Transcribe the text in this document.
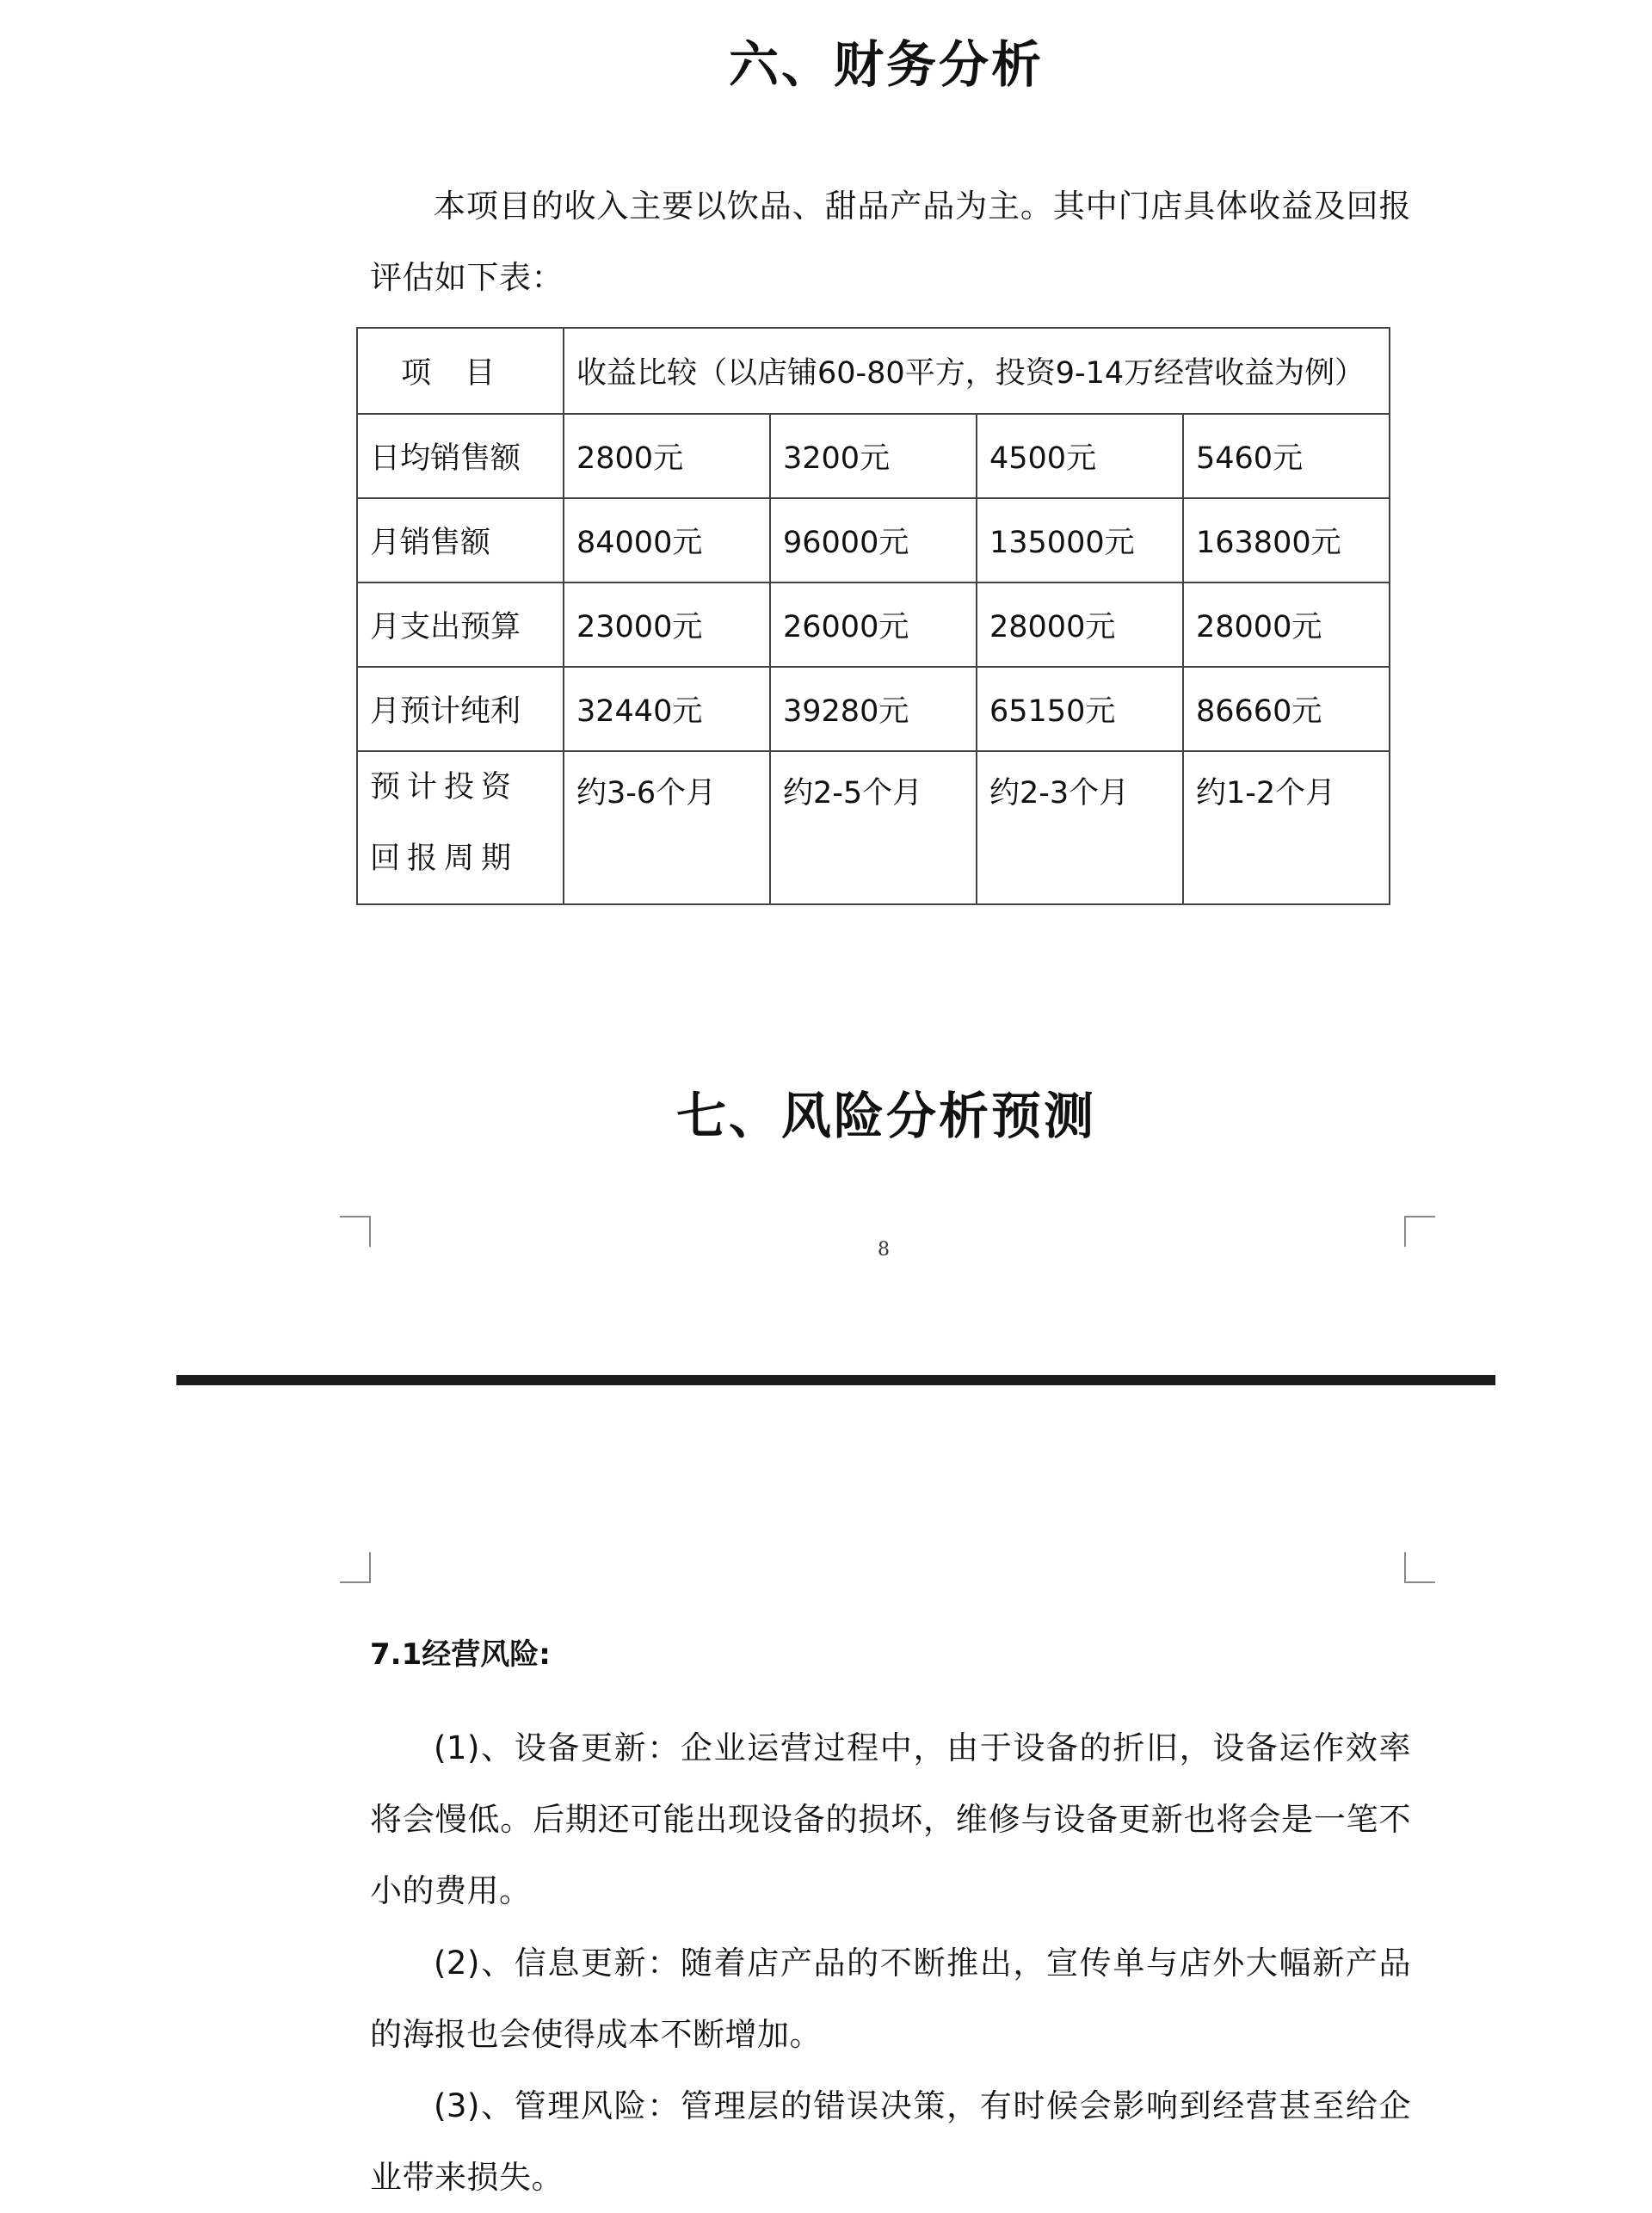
六、财务分析

本项目的收入主要以饮品、甜品产品为主。其中门店具体收益及回报评估如下表：

项 目	收益比较（以店铺60-80平方，投资9-14万经营收益为例）			
日均销售额	2800元	3200元	4500元	5460元
月销售额	84000元	96000元	135000元	163800元
月支出预算	23000元	26000元	28000元	28000元
月预计纯利	32440元	39280元	65150元	86660元
预计投资回报周期	约3-6个月	约2-5个月	约2-3个月	约1-2个月
七、风险分析预测
8
7.1经营风险:

(1)、设备更新：企业运营过程中，由于设备的折旧，设备运作效率将会慢低。后期还可能出现设备的损坏，维修与设备更新也将会是一笔不小的费用。

(2)、信息更新：随着店产品的不断推出，宣传单与店外大幅新产品的海报也会使得成本不断增加。

(3)、管理风险：管理层的错误决策，有时候会影响到经营甚至给企业带来损失。
